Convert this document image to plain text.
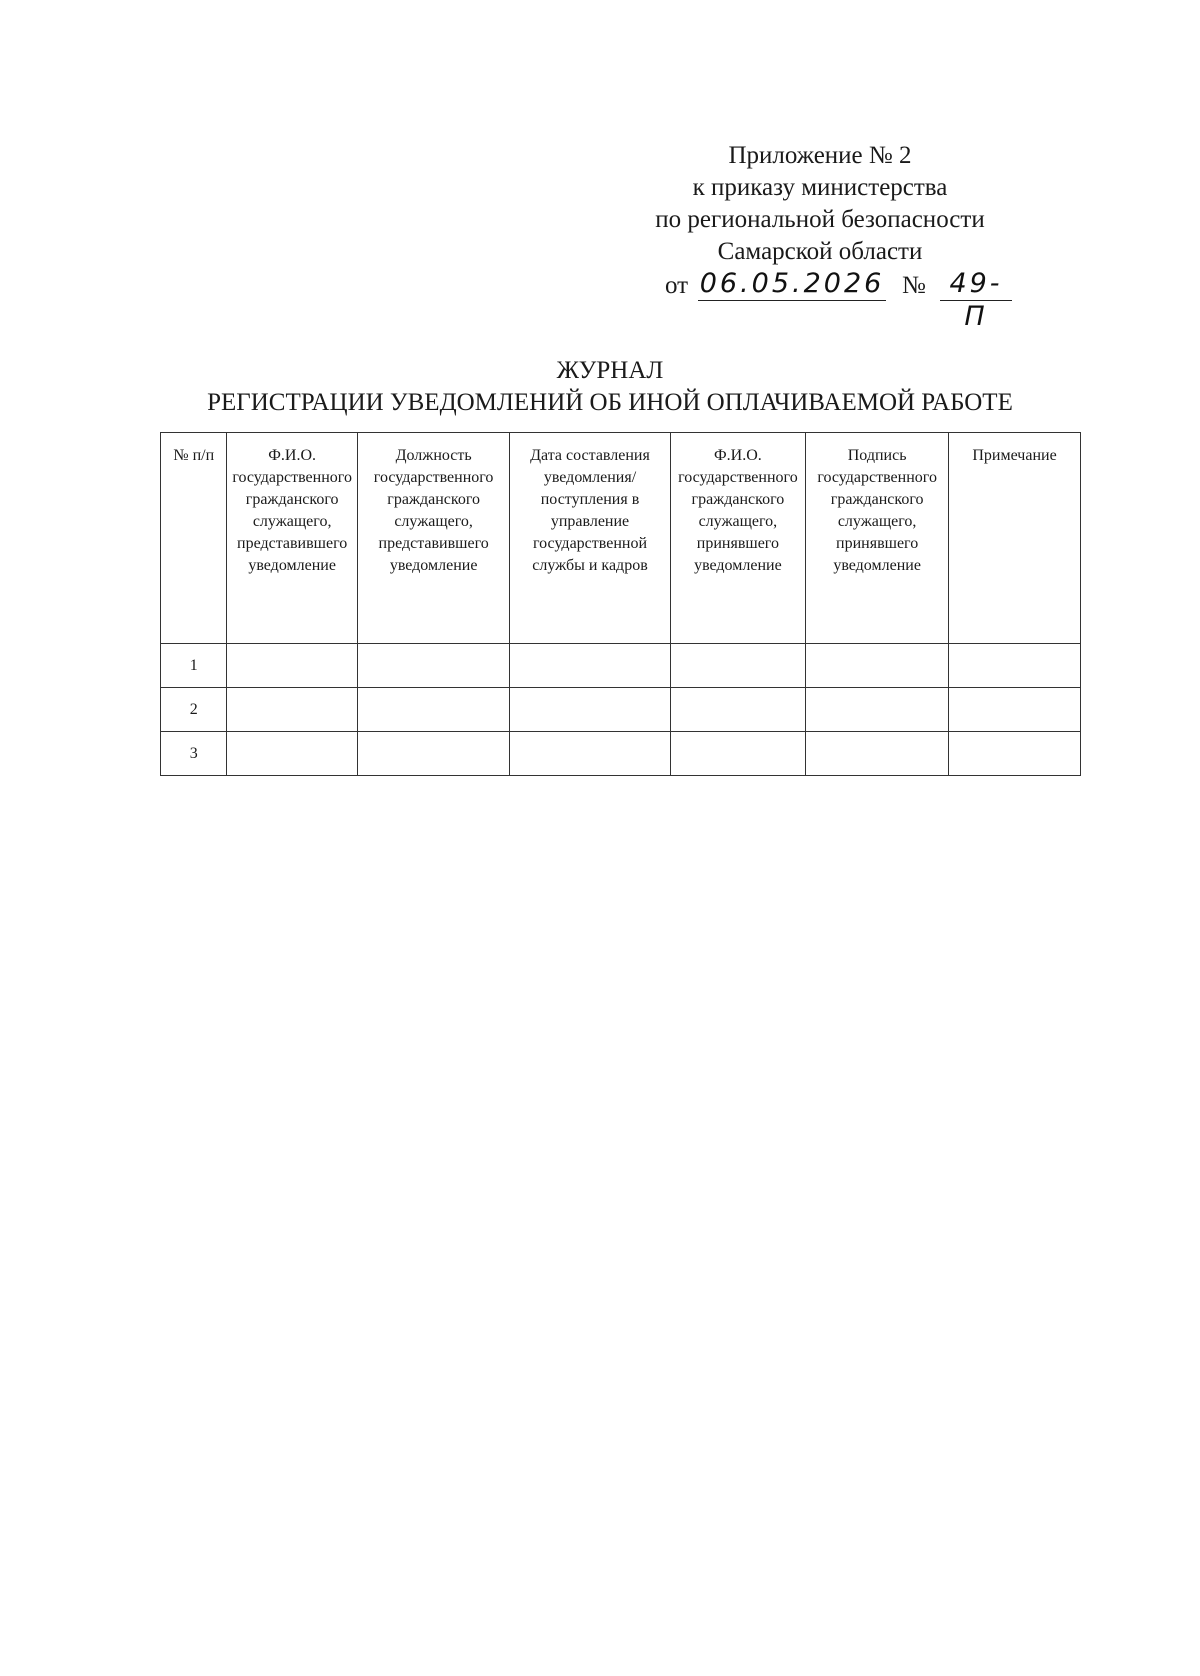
Приложение № 2
к приказу министерства
по региональной безопасности
Самарской области
от 06.05.2026 № 49-П
ЖУРНАЛ
РЕГИСТРАЦИИ УВЕДОМЛЕНИЙ ОБ ИНОЙ ОПЛАЧИВАЕМОЙ РАБОТЕ
№ п/п	Ф.И.О. государственного гражданского служащего, представившего уведомление	Должность государственного гражданского служащего, представившего уведомление	Дата составления уведомления/поступления в управление государственной службы и кадров	Ф.И.О. государственного гражданского служащего, принявшего уведомление	Подпись государственного гражданского служащего, принявшего уведомление	Примечание
1						
2						
3						
